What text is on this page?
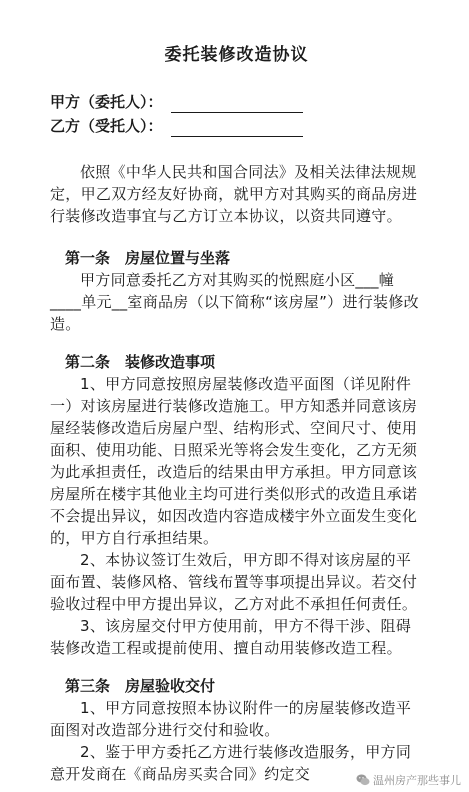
委托装修改造协议
甲方（委托人）：
乙方（受托人）：

依照《中华人民共和国合同法》及相关法律法规规定，甲乙双方经友好协商，就甲方对其购买的商品房进行装修改造事宜与乙方订立本协议，以资共同遵守。

第一条　房屋位置与坐落

甲方同意委托乙方对其购买的悦熙庭小区___幢____单元__室商品房（以下简称“该房屋”）进行装修改造。

第二条　装修改造事项

1、甲方同意按照房屋装修改造平面图（详见附件一）对该房屋进行装修改造施工。甲方知悉并同意该房屋经装修改造后房屋户型、结构形式、空间尺寸、使用面积、使用功能、日照采光等将会发生变化，乙方无须为此承担责任，改造后的结果由甲方承担。甲方同意该房屋所在楼宇其他业主均可进行类似形式的改造且承诺不会提出异议，如因改造内容造成楼宇外立面发生变化的，甲方自行承担结果。

2、本协议签订生效后，甲方即不得对该房屋的平面布置、装修风格、管线布置等事项提出异议。若交付验收过程中甲方提出异议，乙方对此不承担任何责任。

3、该房屋交付甲方使用前，甲方不得干涉、阻碍装修改造工程或提前使用、擅自动用装修改造工程。

第三条　房屋验收交付

1、甲方同意按照本协议附件一的房屋装修改造平面图对改造部分进行交付和验收。

2、鉴于甲方委托乙方进行装修改造服务，甲方同意开发商在《商品房买卖合同》约定交	温州房产那些事儿
